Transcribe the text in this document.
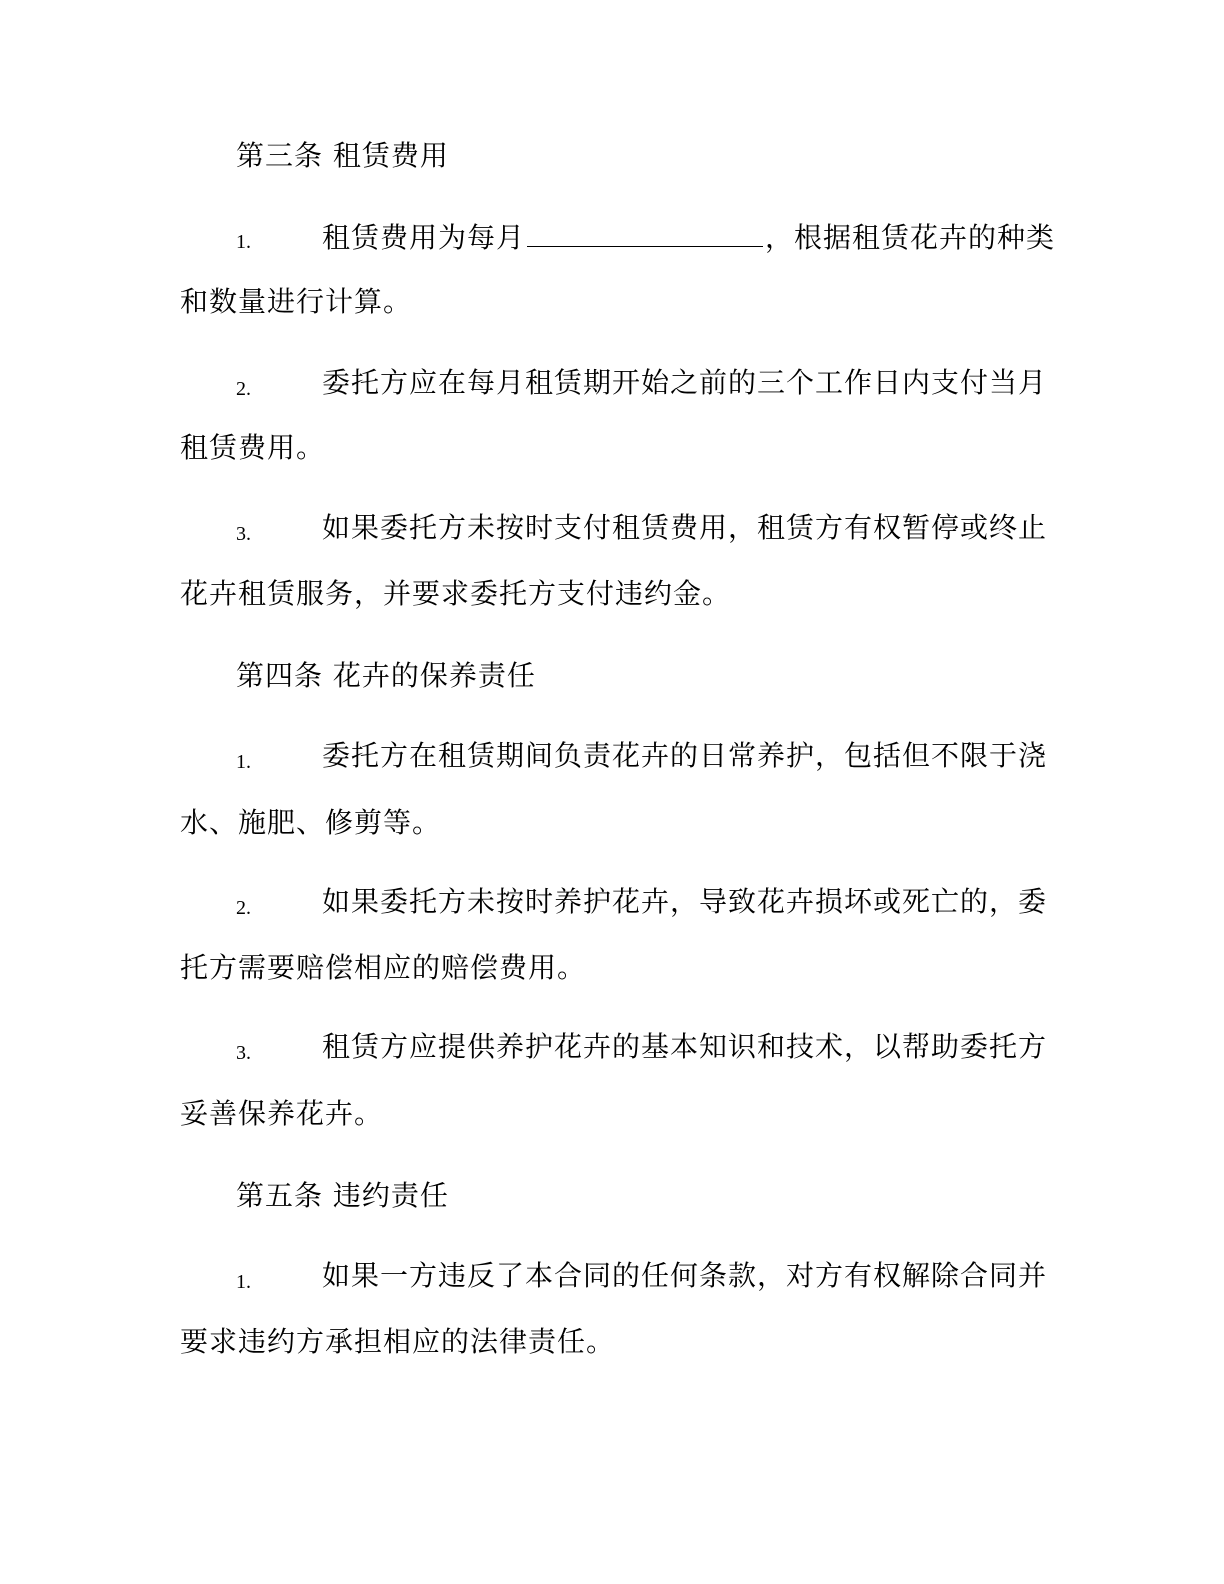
第三条 租赁费用
1.	租赁费用为每月	，根据租赁花卉的种类
和数量进行计算。
2.	委托方应在每月租赁期开始之前的三个工作日内支付当月
租赁费用。
3.	如果委托方未按时支付租赁费用，租赁方有权暂停或终止
花卉租赁服务，并要求委托方支付违约金。
第四条 花卉的保养责任
1.	委托方在租赁期间负责花卉的日常养护，包括但不限于浇
水、施肥、修剪等。
2.	如果委托方未按时养护花卉，导致花卉损坏或死亡的，委
托方需要赔偿相应的赔偿费用。
3.	租赁方应提供养护花卉的基本知识和技术，以帮助委托方
妥善保养花卉。
第五条 违约责任
1.	如果一方违反了本合同的任何条款，对方有权解除合同并
要求违约方承担相应的法律责任。
